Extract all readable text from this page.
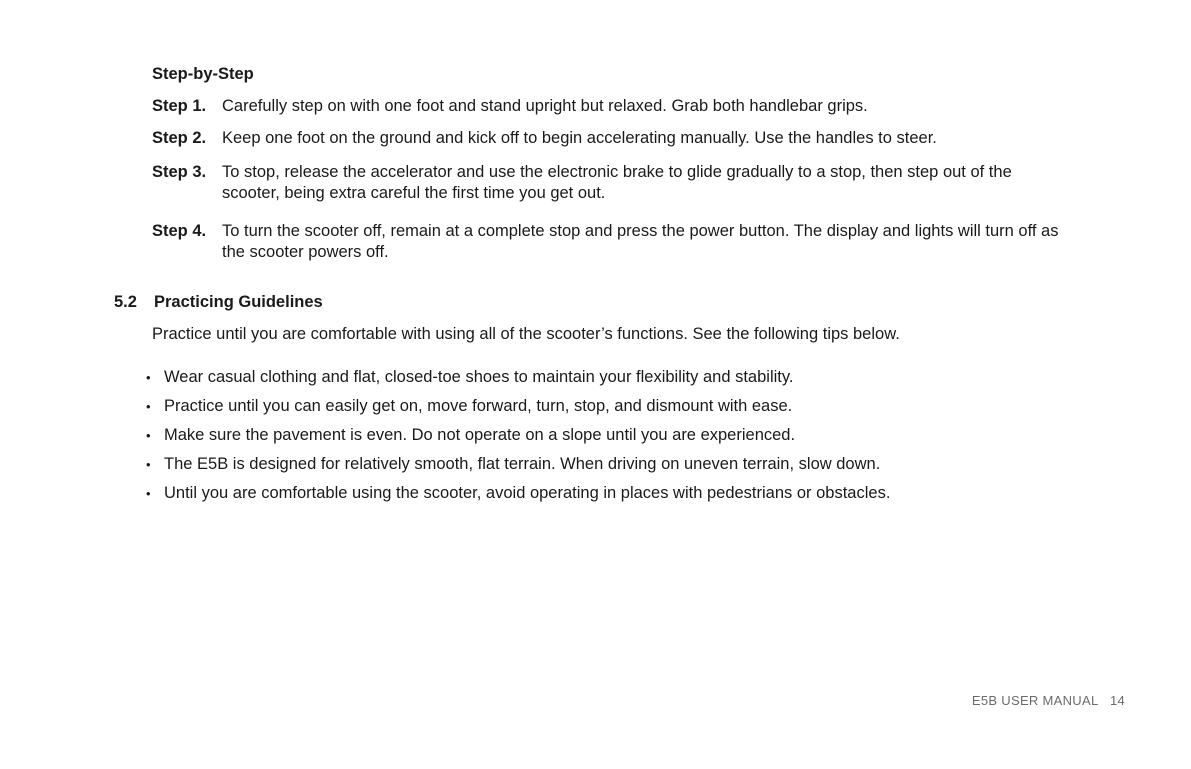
Step-by-Step
Step 1. Carefully step on with one foot and stand upright but relaxed. Grab both handlebar grips.
Step 2. Keep one foot on the ground and kick off to begin accelerating manually. Use the handles to steer.
Step 3. To stop, release the accelerator and use the electronic brake to glide gradually to a stop, then step out of the scooter, being extra careful the first time you get out.
Step 4. To turn the scooter off, remain at a complete stop and press the power button. The display and lights will turn off as the scooter powers off.
5.2	Practicing Guidelines
Practice until you are comfortable with using all of the scooter’s functions. See the following tips below.
• Wear casual clothing and flat, closed-toe shoes to maintain your flexibility and stability.
• Practice until you can easily get on, move forward, turn, stop, and dismount with ease.
• Make sure the pavement is even. Do not operate on a slope until you are experienced.
• The E5B is designed for relatively smooth, flat terrain. When driving on uneven terrain, slow down.
• Until you are comfortable using the scooter, avoid operating in places with pedestrians or obstacles.
E5B USER MANUAL 14
